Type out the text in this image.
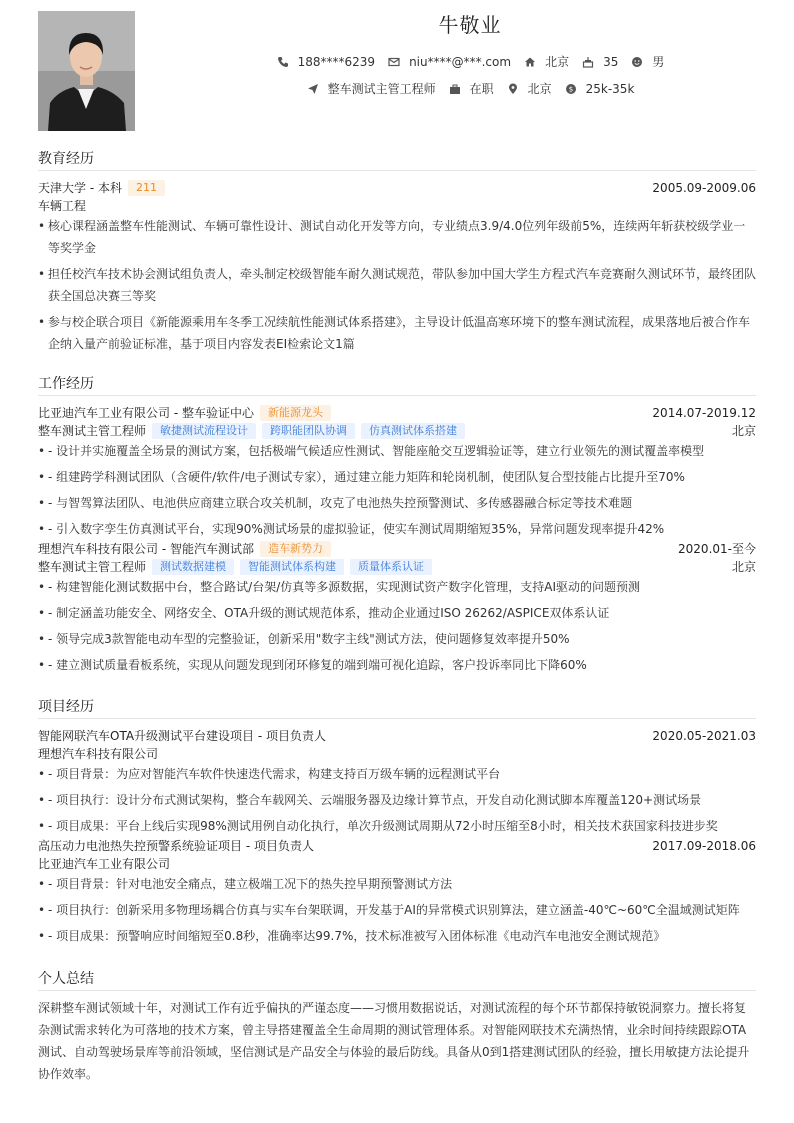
牛敬业
188****6239	niu****@***.com	北京	35	男
整车测试主管工程师	在职	北京 $ 25k-35k
教育经历
天津大学 - 本科	211	2005.09-2009.06
车辆工程
• 核心课程涵盖整车性能测试、车辆可靠性设计、测试自动化开发等方向，专业绩点3.9/4.0位列年级前5%，连续两年斩获校级学业一等奖学金
• 担任校汽车技术协会测试组负责人，牵头制定校级智能车耐久测试规范，带队参加中国大学生方程式汽车竞赛耐久测试环节，最终团队获全国总决赛三等奖
• 参与校企联合项目《新能源乘用车冬季工况续航性能测试体系搭建》，主导设计低温高寒环境下的整车测试流程，成果落地后被合作车企纳入量产前验证标准，基于项目内容发表EI检索论文1篇
工作经历
比亚迪汽车工业有限公司 - 整车验证中心	新能源龙头	2014.07-2019.12
整车测试主管工程师	敏捷测试流程设计	跨职能团队协调	仿真测试体系搭建	北京
• - 设计并实施覆盖全场景的测试方案，包括极端气候适应性测试、智能座舱交互逻辑验证等，建立行业领先的测试覆盖率模型
• - 组建跨学科测试团队（含硬件/软件/电子测试专家），通过建立能力矩阵和轮岗机制，使团队复合型技能占比提升至70%
• - 与智驾算法团队、电池供应商建立联合攻关机制，攻克了电池热失控预警测试、多传感器融合标定等技术难题
• - 引入数字孪生仿真测试平台，实现90%测试场景的虚拟验证，使实车测试周期缩短35%，异常问题发现率提升42%
理想汽车科技有限公司 - 智能汽车测试部	造车新势力	2020.01-至今
整车测试主管工程师	测试数据建模	智能测试体系构建	质量体系认证	北京
• - 构建智能化测试数据中台，整合路试/台架/仿真等多源数据，实现测试资产数字化管理，支持AI驱动的问题预测
• - 制定涵盖功能安全、网络安全、OTA升级的测试规范体系，推动企业通过ISO 26262/ASPICE双体系认证
• - 领导完成3款智能电动车型的完整验证，创新采用"数字主线"测试方法，使问题修复效率提升50%
• - 建立测试质量看板系统，实现从问题发现到闭环修复的端到端可视化追踪，客户投诉率同比下降60%
项目经历
智能网联汽车OTA升级测试平台建设项目 - 项目负责人	2020.05-2021.03
理想汽车科技有限公司
• - 项目背景：为应对智能汽车软件快速迭代需求，构建支持百万级车辆的远程测试平台
• - 项目执行：设计分布式测试架构，整合车载网关、云端服务器及边缘计算节点，开发自动化测试脚本库覆盖120+测试场景
• - 项目成果：平台上线后实现98%测试用例自动化执行，单次升级测试周期从72小时压缩至8小时，相关技术获国家科技进步奖
高压动力电池热失控预警系统验证项目 - 项目负责人	2017.09-2018.06
比亚迪汽车工业有限公司
• - 项目背景：针对电池安全痛点，建立极端工况下的热失控早期预警测试方法
• - 项目执行：创新采用多物理场耦合仿真与实车台架联调，开发基于AI的异常模式识别算法，建立涵盖-40℃~60℃全温域测试矩阵
• - 项目成果：预警响应时间缩短至0.8秒，准确率达99.7%，技术标准被写入团体标准《电动汽车电池安全测试规范》
个人总结
深耕整车测试领域十年，对测试工作有近乎偏执的严谨态度——习惯用数据说话，对测试流程的每个环节都保持敏锐洞察力。擅长将复杂测试需求转化为可落地的技术方案，曾主导搭建覆盖全生命周期的测试管理体系。对智能网联技术充满热情，业余时间持续跟踪OTA测试、自动驾驶场景库等前沿领域，坚信测试是产品安全与体验的最后防线。具备从0到1搭建测试团队的经验，擅长用敏捷方法论提升协作效率。
